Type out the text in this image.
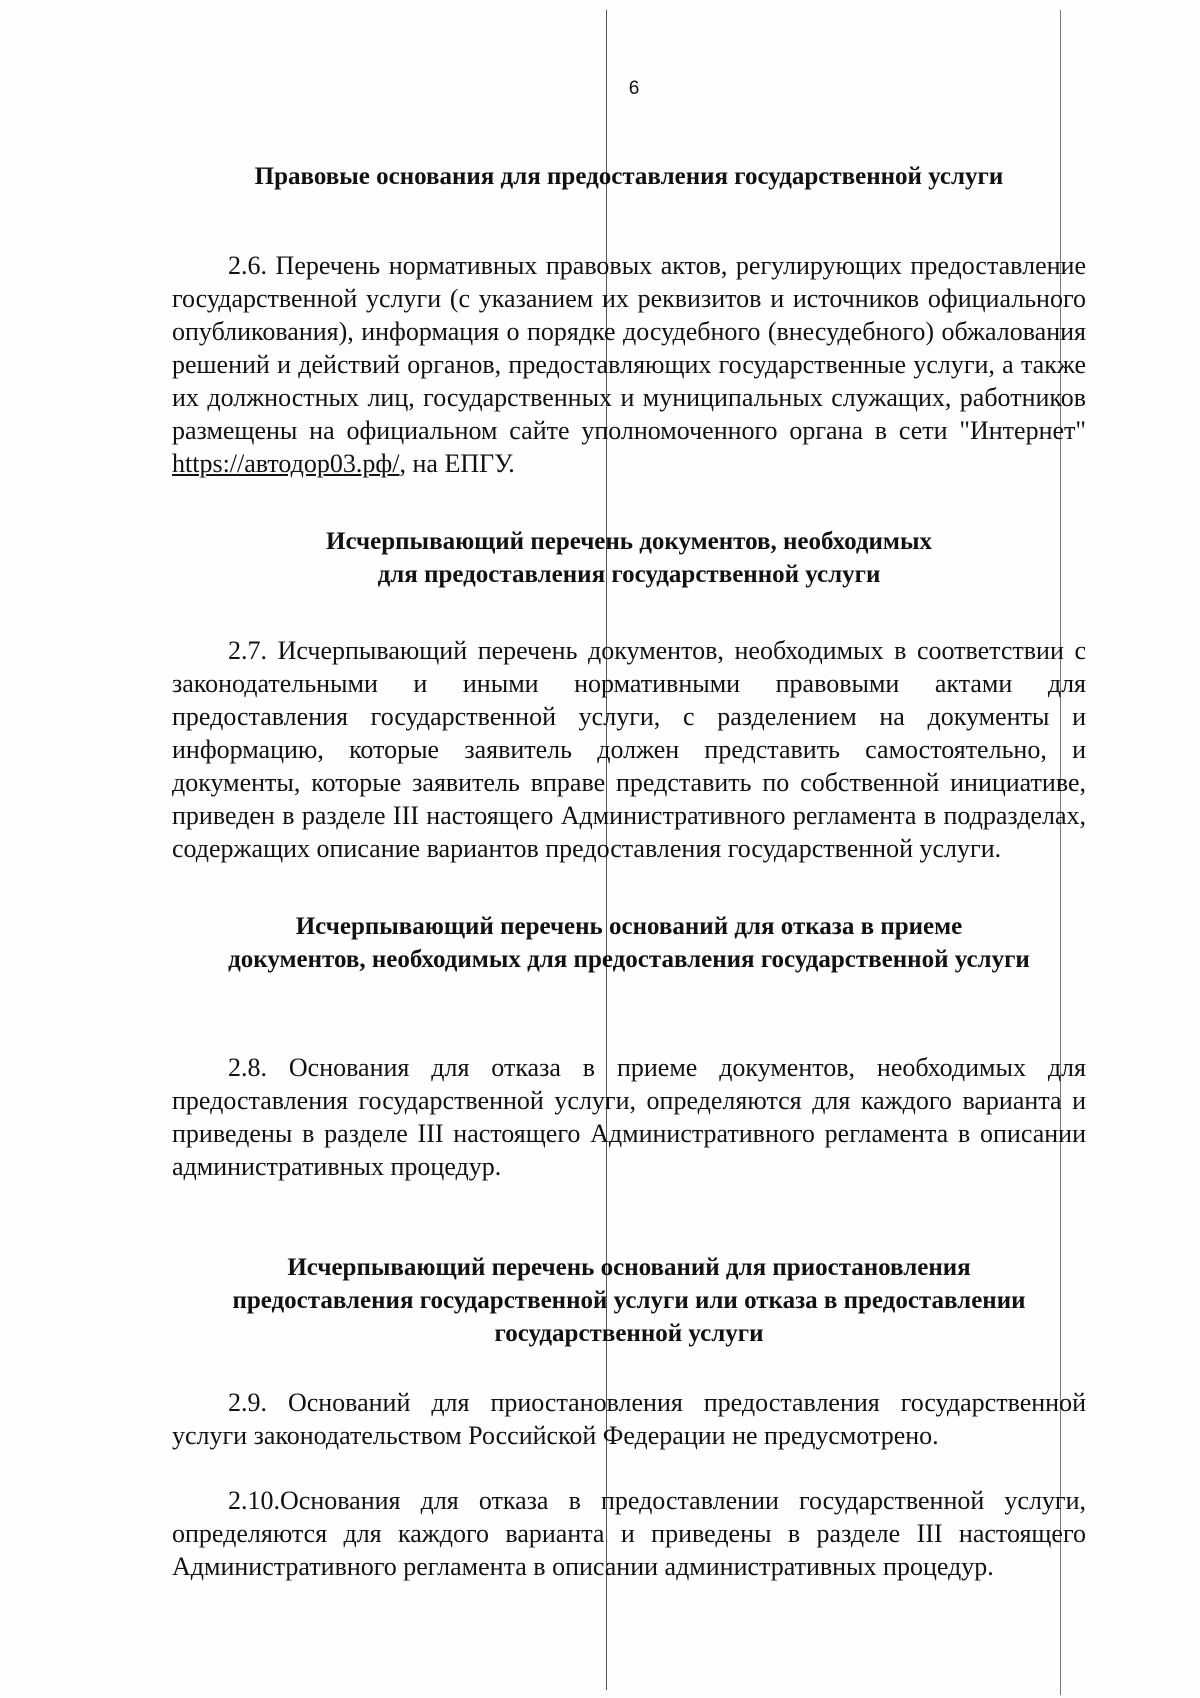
6

Правовые основания для предоставления государственной услуги

2.6. Перечень нормативных правовых актов, регулирующих предоставление государственной услуги (с указанием их реквизитов и источников официального опубликования), информация о порядке досудебного (внесудебного) обжалования решений и действий органов, предоставляющих государственные услуги, а также их должностных лиц, государственных и муниципальных служащих, работников размещены на официальном сайте уполномоченного органа в сети "Интернет" https://автодор03.рф/, на ЕПГУ.

Исчерпывающий перечень документов, необходимых
для предоставления государственной услуги

2.7. Исчерпывающий перечень документов, необходимых в соответствии с законодательными и иными нормативными правовыми актами для предоставления государственной услуги, с разделением на документы и информацию, которые заявитель должен представить самостоятельно, и документы, которые заявитель вправе представить по собственной инициативе, приведен в разделе III настоящего Административного регламента в подразделах, содержащих описание вариантов предоставления государственной услуги.

Исчерпывающий перечень оснований для отказа в приеме
документов, необходимых для предоставления государственной услуги

2.8. Основания для отказа в приеме документов, необходимых для предоставления государственной услуги, определяются для каждого варианта и приведены в разделе III настоящего Административного регламента в описании административных процедур.

Исчерпывающий перечень оснований для приостановления
предоставления государственной услуги или отказа в предоставлении
государственной услуги

2.9. Оснований для приостановления предоставления государственной услуги законодательством Российской Федерации не предусмотрено.

2.10.Основания для отказа в предоставлении государственной услуги, определяются для каждого варианта и приведены в разделе III настоящего Административного регламента в описании административных процедур.
